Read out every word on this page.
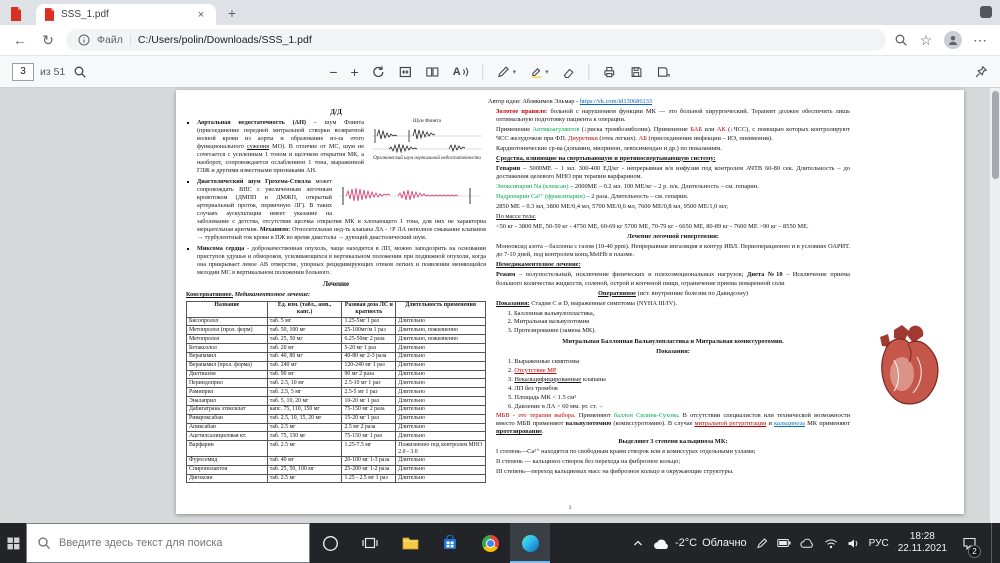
SSS_1.pdf	×	+
← ↻	Файл C:/Users/polin/Downloads/SSS_1.pdf	☆	⋯
3
из 51	− +	A	▾	▾
Автор идеи: Аблякимов Эльмар - https://vk.com/id130686133
Д/Д
▪ Шум Флинта
Органический шум аортальной недостаточности
Аортальная недостаточность (АН) – шум Флинта (присоединение передней митральной створки возвратной волной крови из аорты и образование из-за этого функционального сужения МО). В отличие от МС, шум не сочетается с усиленным 1 тоном и щелчком открытия МК, а наоборот, сопровождается ослаблением 1 тона, выраженной ГЛЖ и другими известными признаками АН.
▪ Диастолический шум Грехема-Стилла может сопровождать ВПС с увеличенным легочным кровотоком (ДМПП и ДМЖП, открытый артериальный проток, первичную ЛГ). В таких случаях аускультация имеет указание на заболевание с детства, отсутствие щелчка открытия МК и хлопающего 1 тона, для них не характерна мерцательная аритмия. Механизм: Относительная нед-ть клапана ЛА - ↑Р ЛА неполное смыкание клапанов → турбулентный ток крови в ПЖ во время диастолы → дующий диастолический шум.
▪ Миксома сердца - доброкачественная опухоль, чаще находится в ЛП, можно заподозрить на основании приступов удушья и обмороков, усиливающихся в вертикальном положении при подвижной опухоли, когда она прикрывает левое АВ отверстие, упорных рецидивирующих отеков легких и появлении меняющейся мелодии МС в вертикальном положении больного.
Лечение
Консервативное. Медикаментозное лечение:
Название	Ед. изм. (табл., амп., капс.)	Разовая доза ЛС и кратность	Длительность применения
Бисопролол	таб. 5 мг	1.25-5мг 1 раз	Длительно
Метопролол (прол. форм)	таб. 50, 100 мг	25-100мг/м 1 раз	Длительно, пожизненно
Метопролол	таб. 25, 50 мг	6.25-50мг 2 раза	Длительно, пожизненно
Бетаксолол	таб. 20 мг	5-20 мг 1 раз	Длительно
Верапамил	таб. 40, 80 мг	40-80 мг 2-3 раза	Длительно
Верапамил (прол. форма)	таб. 240 мг	120-240 мг 1 раз	Длительно
Дилтиазем	таб. 90 мг	90 мг 2 раза	Длительно
Периндоприл	таб. 2.5, 10 мг	2.5-10 мг 1 раз	Длительно
Рамиприл	таб. 2.5, 5 мг	2.5-5 мг 1 раз	Длительно
Эналаприл	таб. 5, 10, 20 мг	10-20 мг 1 раз	Длительно
Дабигатрана этексилат	капс. 75, 110, 150 мг	75-150 мг 2 раза	Длительно
Ривароксабан	таб. 2.5, 10, 15, 20 мг	15-20 мг 1 раз	Длительно
Апиксабан	таб. 2.5 мг	2.5 мг 2 раза	Длительно
Ацетилсалициловая кт.	таб. 75, 150 мг	75-150 мг 1 раз	Длительно
Варфарин	таб. 2.5 мг	1.25-7.5 мг	Пожизненно под контролем МНО 2.0 - 3.0
Фуросемид	таб. 40 мг	20-100 мг 1-3 раза	Длительно
Спиронолактон	таб. 25, 50, 100 мг	25-200 мг 1-2 раза	Длительно
Дигоксин	таб. 2.5 мг	1.25 - 2.5 мг 1 раз	Длительно

Золотое правило: больной с нарушением функции МК — это больной хирургический. Терапевт должен обеспечить лишь оптимальную подготовку пациента к операции.

Применение Антикоагулянтов (↓риска тромбоэмболии). Применение БАБ или АК (↓ЧСС), с помощью которых контролируют ЧСС желудочков при ФП. Диуретики (отек легких). АБ (присоединение инфекции – ИЭ, пневмония).

Кардиотонические ср-ва (допамин, милринон, левосимендан и др.) по показаниям.

Средства, влияющие на свертывающую и противосвертывающую систему:

Гепарин – 5000МЕ – 1 мл. 300-400 ЕД/кг - непрерывная в/в инфузия под контролем АЧТВ 60-80 сек. Длительность – до достижения целевого МНО при терапии варфарином.

Эноксипарин Na (клексан) – 2000МЕ – 0.2 мл. 100 МЕ/кг – 2 р. п/к. Длительность – см. гепарин.

Надропарин Са²⁺ (фраксипарин) – 2 раза. Длительность – см. гепарин.

2850 МЕ – 0.3 мл, 3800 МЕ/0,4 мл, 5700 МЕ/0,6 мл, 7600 МЕ/0,8 мл, 9500 МЕ/1,0 мл;

По массе тела:

<50 кг - 3800 МЕ, 50-59 кг - 4750 МЕ, 60-69 кг 5700 МЕ, 70-79 кг - 6650 МЕ, 80-89 кг - 7600 МЕ >90 кг – 8550 МЕ.

Лечение легочной гипертензии:

Монооксид азота – баллоны с газом (10-40 ppm). Непрерывная ингаляция в контур ИВЛ. Периоперационно и в условиях ОАРИТ. до 7-10 дней, под контролем конц.MetHb в плазме.

Немедикаментозное лечение:

Режим – полупостельный, исключение физических и психоэмоциональных нагрузок; Диета №10 – Исключение приема большого количества жидкости, соленой, острой и копченой пищи, ограничение приема поваренной соли

Оперативное (ист. внутренние болезни по Давидсону)

Показания: Стадия С и D, выраженные симптомы (NYHA III/IV).

1. Баллонная вальвулопластика,
2. Митральная вальвулотомия
3. Протезирование (замена МК).

Митральная Баллонная Вальвулопластика и Митральная комиссуротомия.

Показания:

1. Выраженные симптомы
2. Отсутствие МР
3. Некальцифицированные клапаны
4. ЛП без тромбов
5. Площадь МК < 1.5 см²
6. Давление в ЛА > 60 мм. рт. ст. ←

МБВ - это терапия выбора. Применяют баллон Силина-Сухова. В отсутствии специалистов или технической возможности вместо МБВ применяют вальвулотомию (комиссуротомию). В случае митральной регургитации и кальциноза МК применяют протезирование.

Выделяют 3 степени кальциноза МК:

I степень—Ca²⁺ находятся по свободным краям створок или в комиссурах отдельными узлами;

II степень — кальциноз створок без перехода на фиброзное кольцо;

III степень—переход кальциевых масс на фиброзное кольцо и окружающие структуры.

3
Введите здесь текст для поиска
-2°C Облачно	РУС
18:28
22.11.2021	2
